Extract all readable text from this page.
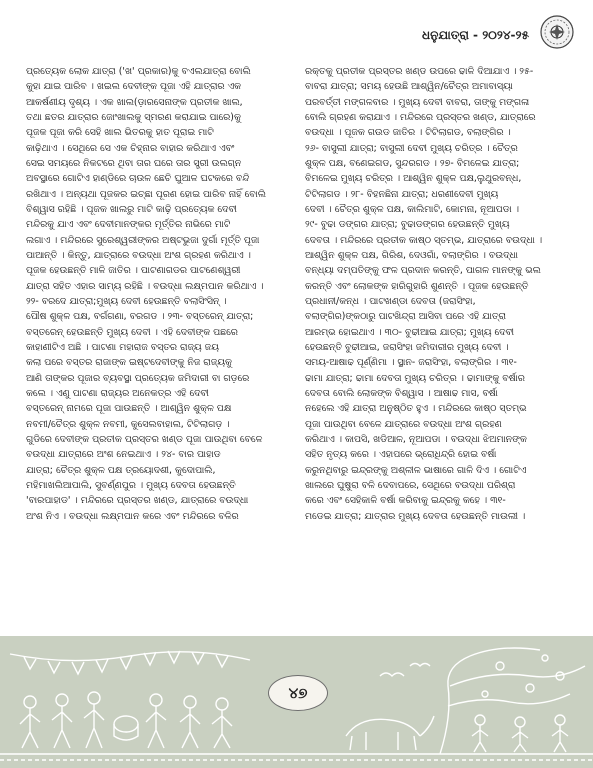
ଧନୁଯାତ୍ରା - ୨୦୨୪-୨୫
ପ୍ରତ୍ୟେକ ଲୋକ ଯାତ୍ରା ('ଖ' ପ୍ରକାର)କୁ ବଏଲଯାତ୍ରା ବୋଲି
କୁହା ଯାଇ ପାରିବ । ଖଇଲ ଦେବୀଙ୍କ ପୂଜା ଏହି ଯାତ୍ରାର ଏକ
ଆକର୍ଷଣୀୟ ଦୃଶ୍ୟ । ଏକ ଖାଲ(ଡ଼ାରସେନାଙ୍କ ପ୍ରତୀକ ଖାଲ,
ତଥା ଛତର ଯାତ୍ରାର ଜୋଂଖାଲକୁ ସ୍ମରଣ କରାଯାଇ ପାରେ)କୁ
ପୂଜକ ପୂଜା କରି ସେହି ଖାଲ ଭିତରକୁ ହାତ ପୂରାଇ ମାଟି
କାଢ଼ିଥାଏ । ସେଥିରେ ସେ ଏକ ଚିହ୍ନାର ବାହାର କରିଥାଏ ଏବଂ
ସେଇ ସମୟରେ ନିକଟରେ ଥିବା ତାର ଘରେ ତାର ସ୍ତ୍ରୀ ଉଲଗ୍ନ
ଅବସ୍ଥାରେ ଗୋଟିଏ ହାଣ୍ଡିରେ ଚାଉଳ ଛେଚି ଘୁଆଳ ଘଟକରେ ବନ୍ଦି
ରଖିଥାଏ । ଅନ୍ୟଥା ପୂଜକର ଇଚ୍ଛା ପୂରଣ ହୋଇ ପାରିବ ନାହିଁ ବୋଲି
ବିଶ୍ୱାସ ରହିଛି । ପୂଜକ ଖାଲରୁ ମାଟି କାଢ଼ି ପ୍ରତ୍ୟେକ ଦେବୀ
ମନ୍ଦିରକୁ ଯାଏ ଏବଂ ଦେବୀମାନଙ୍କର ମୂର୍ତ୍ତିର ନାଭିରେ ମାଟି
ଲଗାଏ । ମନ୍ଦିରରେ ସୁରେଶ୍ୱରୀଙ୍କର ଅଷ୍ଟଭୁଜା ଦୁର୍ଗା ମୂର୍ତ୍ତି ପୂଜା
ପାଆନ୍ତି । କିନ୍ତୁ, ଯାତ୍ରାରେ ବଉଦ୍ଧା ଅଂଶ ଗ୍ରହଣ କରିଥାଏ ।
ପୂଜକ ହେଉଛନ୍ତି ମାଳି ଜାତିର । ପାଟଣାଗଡର ପାଟଣେଶ୍ୱରୀ
ଯାତ୍ରା ସହିତ ଏହାର ସାମ୍ୟ ରହିଛି । ବଉଦ୍ଧା ଲକ୍ଷ୍ମପାନ କରିଥାଏ ।
୨୨- ବରଦେ ଯାତ୍ରା;ମୁଖ୍ୟ ଦେବୀ ହେଉଛନ୍ତି ବଲାସିଂସିନ୍ ।
ପୌଷ ଶୁକ୍ଳ ପକ୍ଷ, ବର୍ଗଗଣା, ବରଗଡ । ୨୩- ବସ୍ତରେନ୍ ଯାତ୍ରା;
ବସ୍ତରେନ୍ ହେଉଛନ୍ତି ମୁଖ୍ୟ ଦେବୀ । ଏହି ଦେବୀଙ୍କ ପଛରେ
କାହାଣୀଟିଏ ଅଛି । ପାଟଣା ମହାରାଜ ବସ୍ତର ରାଜ୍ୟ ଜୟ
କଲା ପରେ ବସ୍ତର ରାଜାଙ୍କ ଇଷ୍ଟଦେବୀଙ୍କୁ ନିଜ ରାଜ୍ୟକୁ
ଆଣି ତାଙ୍କର ପୂଜାର ବ୍ୟବସ୍ଥା ପ୍ରତ୍ୟେକ ଜମିଦାରୀ ବା ଗଡ଼ରେ
କଲେ । ଏଣୁ ପାଟଣା ରାଜ୍ୟର ଅନେକତ୍ର ଏହି ଦେବୀ
ବସ୍ତରେନ୍ ନାମରେ ପୂଜା ପାଉଛନ୍ତି । ଆଶ୍ୱିନ ଶୁକ୍ଳ ପକ୍ଷ
ନବମୀ/ଚୈତ୍ର ଶୁକ୍ଳ ନବମୀ, କୁସେଲବାହାଲ, ଟିଟିଲାଗଡ଼ ।
ଗୁଡିରେ ଦେବୀଙ୍କ ପ୍ରତୀକ ପ୍ରସ୍ତର ଖଣ୍ଡ ପୂଜା ପାଉଥିବା ବେଳେ
ବଉଦ୍ଧା ଯାତ୍ରାରେ ଅଂଶ ନେଇଥାଏ । ୨୪- ବାର ପାହାଡ
ଯାତ୍ରା; ଚୈତ୍ର ଶୁକ୍ଳ ପକ୍ଷ ତ୍ରୟୋଦଶୀ, କୁଦୋପାଲି,
ମହିମାଖଲିଆପାଲି, ସୁବର୍ଣ୍ଣପୁର । ମୁଖ୍ୟ ଦେବତା ହେଉଛନ୍ତି
'ବାରପାହାଡ' । ମନ୍ଦିରରେ ପ୍ରସ୍ତର ଖଣ୍ଡ, ଯାତ୍ରାରେ ବଉଦ୍ଧା
ଅଂଶ ନିଏ । ବଉଦ୍ଧା ଲକ୍ଷ୍ମପାନ କରେ ଏବଂ ମନ୍ଦିରରେ ବଳିର
ରକ୍ତକୁ ପ୍ରତୀକ ପ୍ରସ୍ତର ଖଣ୍ଡ ଉପରେ ଢାଳି ଦିଆଯାଏ । ୨୫-
ବାବରା ଯାତ୍ରା; ସମୟ ହେଉଛି ଆଶ୍ୱିନ/ଚୈତ୍ର ଅମାବାସ୍ୟା
ପରବର୍ତ୍ତୀ ମଙ୍ଗଳବାର । ମୁଖ୍ୟ ଦେବୀ ବାବରା, ତାଙ୍କୁ ମଙ୍ଗଳା
ବୋଲି ଗ୍ରହଣ କରାଯାଏ । ମନ୍ଦିରରେ ପ୍ରସ୍ତର ଖଣ୍ଡ, ଯାତ୍ରାରେ
ବଉଦ୍ଧା । ପୂଜକ ଗଉଡ ଜାତିର । ଟିଟିଲାଗଡ, ବଲାଙ୍ଗିର ।
୨୬- ବାସୁଲୀ ଯାତ୍ରା; ବାସୁଲୀ ଦେବୀ ମୁଖ୍ୟ ଚରିତ୍ର । ଚୈତ୍ର
ଶୁକ୍ଳ ପକ୍ଷ, ବଣେଇଗଡ, ସୁନ୍ଦରଗଡ । ୨୭- ବିମଳେଇ ଯାତ୍ରା;
ବିମଳେଇ ମୁଖ୍ୟ ଚରିତ୍ର । ଆଶ୍ୱିନ ଶୁକ୍ଳ ପକ୍ଷ,ଲୁଥୁରବନ୍ଧ,
ଟିଟିଲାଗଡ । ୨୮- ବିହନଛିନା ଯାତ୍ରା; ଧରଣୀଦେବୀ ମୁଖ୍ୟ
ଦେବୀ । ଚୈତ୍ର ଶୁକ୍ଳ ପକ୍ଷ, କାଲିମାଟି, କୋମନା, ନୂଆପଡା ।
୨୯- ବୁଢା ଡଙ୍ଗର ଯାତ୍ରା; ବୁଢାଡଙ୍ଗର ହେଉଛନ୍ତି ମୁଖ୍ୟ
ଦେବତା । ମନ୍ଦିରରେ ପ୍ରତୀକ କାଷ୍ଠ ସ୍ତମ୍ଭ, ଯାତ୍ରାରେ ବଉଦ୍ଧା ।
ଆଶ୍ୱିନ ଶୁକ୍ଳ ପକ୍ଷ, ଗିରିଶ, ଦେଓଗାଁ, ବଲାଙ୍ଗିର । ବଉଦ୍ଧା
ବନ୍ଧ୍ୟା ଦମ୍ପତିଙ୍କୁ ଫଳ ପ୍ରଦାନ କରନ୍ତି, ପାଗଳ ମାନଙ୍କୁ ଭଲ
କରନ୍ତି ଏବଂ ଲୋକଙ୍କ ହାରିଗୁହାରି ଶୁଣନ୍ତି । ପୂଜକ ହେଉଛନ୍ତି
ପ୍ରଧାନୀ/କନ୍ଧ । ପାଟଖଣ୍ଡା ଦେବତା (ଜରାସିଂହା,
ବଲାଙ୍ଗିର)ଙ୍କଠାରୁ ପାଟଖିନ୍ଦ୍ରା ଆସିବା ପରେ ଏହି ଯାତ୍ରା
ଆରମ୍ଭ ହୋଇଥାଏ । ୩୦- ବୁଢୀଆଇ ଯାତ୍ରା; ମୁଖ୍ୟ ଦେବୀ
ହେଉଛନ୍ତି ବୁଢୀଆଇ, ଜରାସିଂହା ଜମିଦାରୀର ମୁଖ୍ୟ ଦେବୀ ।
ସମୟ-ଆଷାଢ ପୂର୍ଣ୍ଣିମା । ସ୍ଥାନ- ଜରାସିଂହା, ବଲାଙ୍ଗିର । ୩୧-
ଢାମା ଯାତ୍ରା; ଢାମା ଦେବତା ମୁଖ୍ୟ ଚରିତ୍ର । ଢାମାଙ୍କୁ ବର୍ଷାର
ଦେବତା ବୋଲି ଲୋକଙ୍କ ବିଶ୍ୱାସ । ଆଷାଢ ମାସ, ବର୍ଷା
ନହେଲେ ଏହି ଯାତ୍ରା ଅନୁଷ୍ଠିତ ହୁଏ । ମନ୍ଦିରରେ କାଷ୍ଠ ସ୍ତମ୍ଭ
ପୂଜା ପାଉଥିବା ବେଳେ ଯାତ୍ରାରେ ବଉଦ୍ଧା ଅଂଶ ଗ୍ରହଣ
କରିଥାଏ । କାପସି, ଖଡିଆଳ, ନୂଆପଡା । ବଉଦ୍ଧା ଝିଅମାନଙ୍କ
ସହିତ ନୃତ୍ୟ କରେ । ଏହାପରେ ଭ୍ରୋଧିନ୍ଦ୍ରି ହୋଇ ବର୍ଷା
କରୁନଥିବାରୁ ଇନ୍ଦ୍ରଙ୍କୁ ଅଶ୍ଳୀଳ ଭାଷାରେ ଗାଳି ଦିଏ । ଗୋଟିଏ
ଖାଲରେ ଘୁଷୁରା ବଳି ଦେବାପରେ, ସେଥିରେ ବଉଦ୍ଧା ପରିଶ୍ରା
କରେ ଏବଂ ସେହିକାଳି ବର୍ଷା କରିବାକୁ ଇନ୍ଦ୍ରକୁ କହେ । ୩୧-
ମଡେଇ ଯାତ୍ରା; ଯାତ୍ରାର ମୁଖ୍ୟ ଦେବତା ହେଉଛନ୍ତି ମାଉଲୀ ।
୪୭
